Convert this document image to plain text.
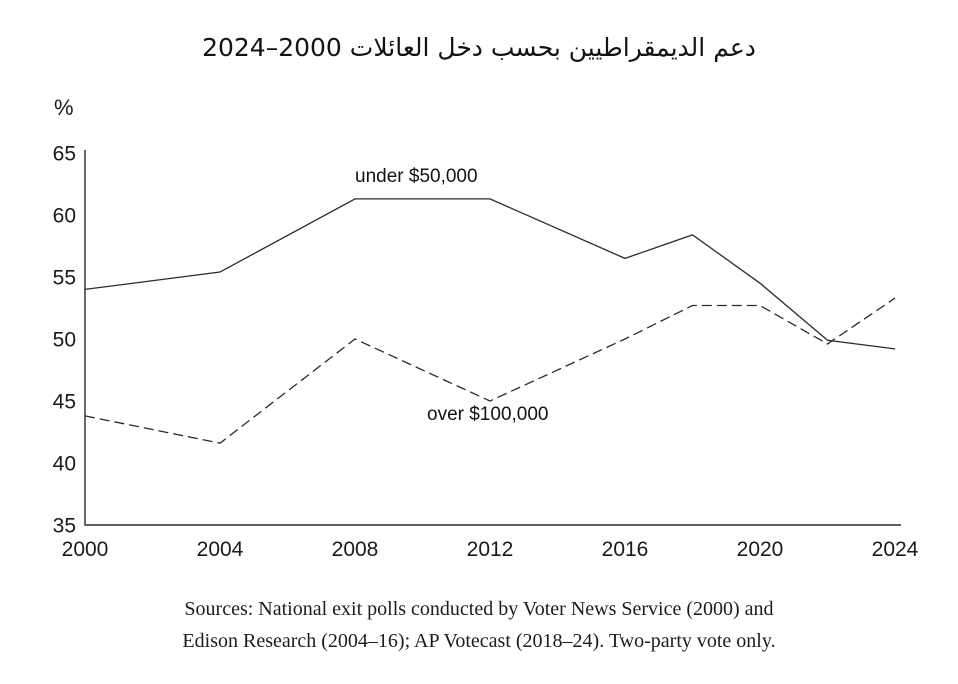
دعم الديمقراطيين بحسب دخل العائلات 2000–2024
%
65
60
55
50
45
40
35
2000	2004	2008	2012	2016	2020	2024
under $50,000
over $100,000
Sources: National exit polls conducted by Voter News Service (2000) and
Edison Research (2004–16); AP Votecast (2018–24). Two-party vote only.
